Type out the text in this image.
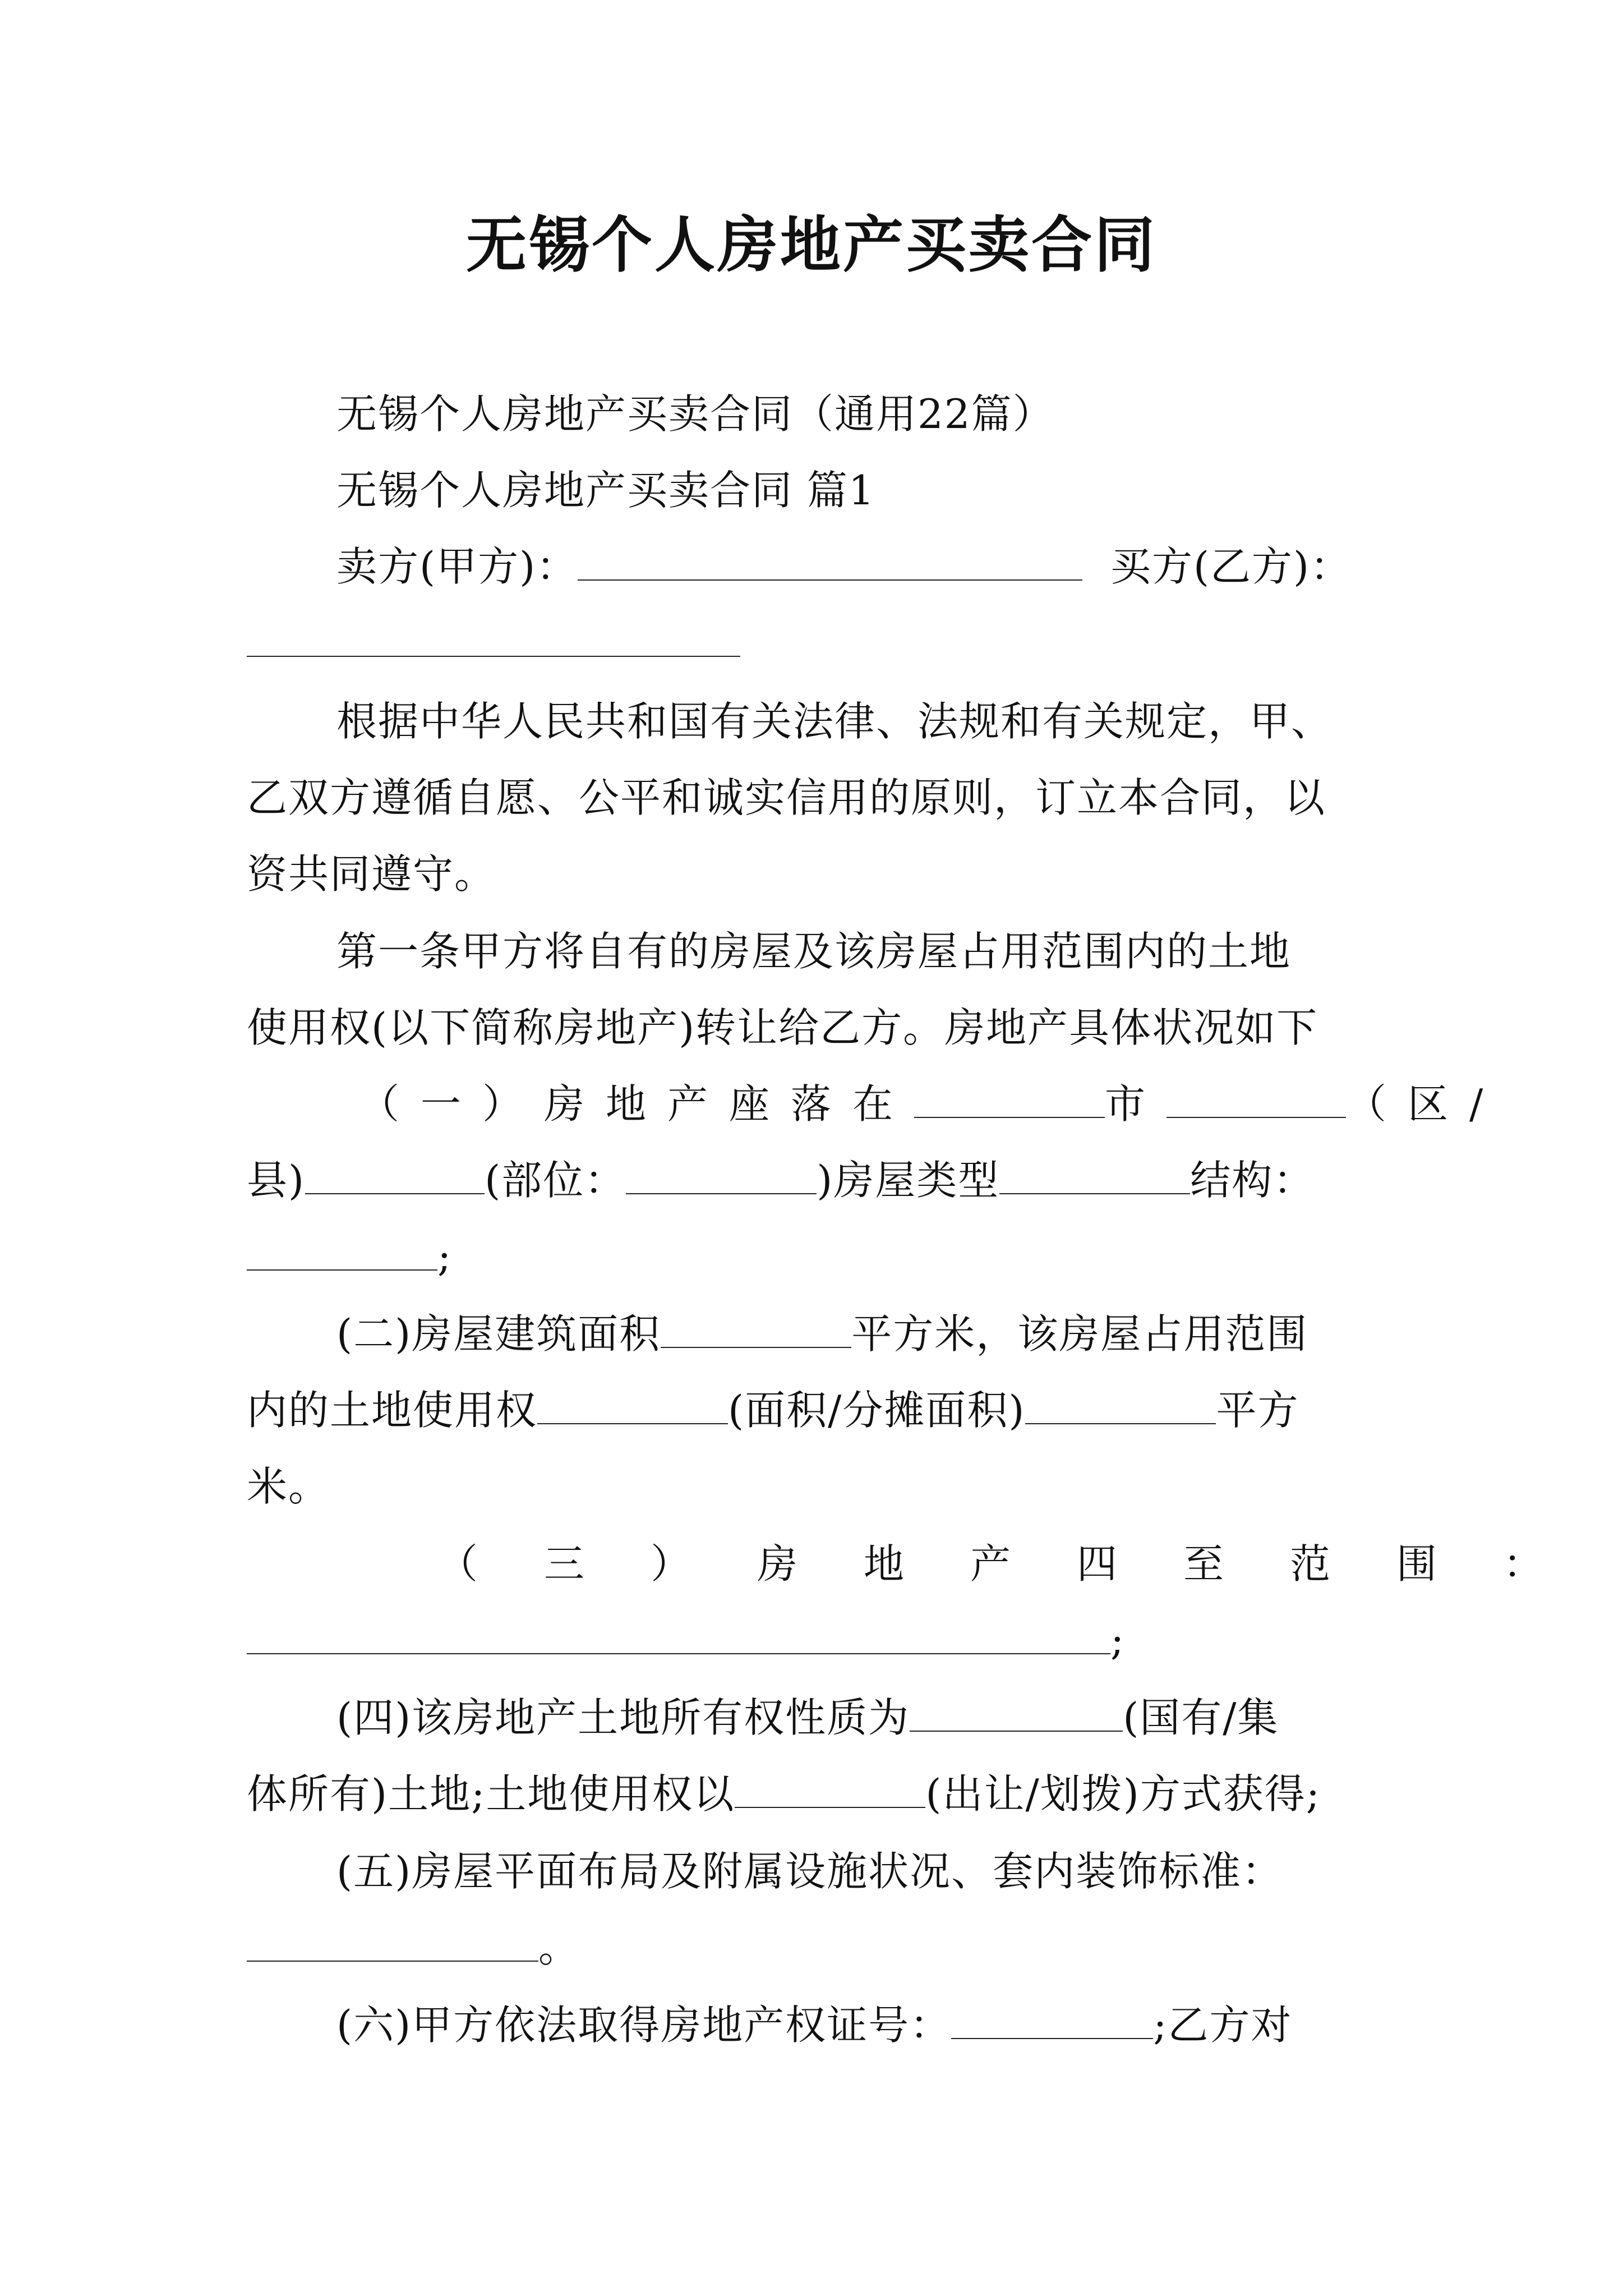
无锡个人房地产买卖合同
无锡个人房地产买卖合同（通用22篇）
无锡个人房地产买卖合同 篇1
卖方(甲方)：	买方(乙方)：
根据中华人民共和国有关法律、法规和有关规定，甲、
乙双方遵循自愿、公平和诚实信用的原则，订立本合同，以
资共同遵守。
第一条甲方将自有的房屋及该房屋占用范围内的土地
使用权(以下简称房地产)转让给乙方。房地产具体状况如下
（一）房地产座落在	市	（区/
县)	(部位：	)房屋类型	结构：
;
(二)房屋建筑面积	平方米，该房屋占用范围
内的土地使用权	(面积/分摊面积)	平方
米。
（三）房地产四至范围：
;
(四)该房地产土地所有权性质为	(国有/集
体所有)土地;土地使用权以	(出让/划拨)方式获得;
(五)房屋平面布局及附属设施状况、套内装饰标准：
。
(六)甲方依法取得房地产权证号：	;乙方对
